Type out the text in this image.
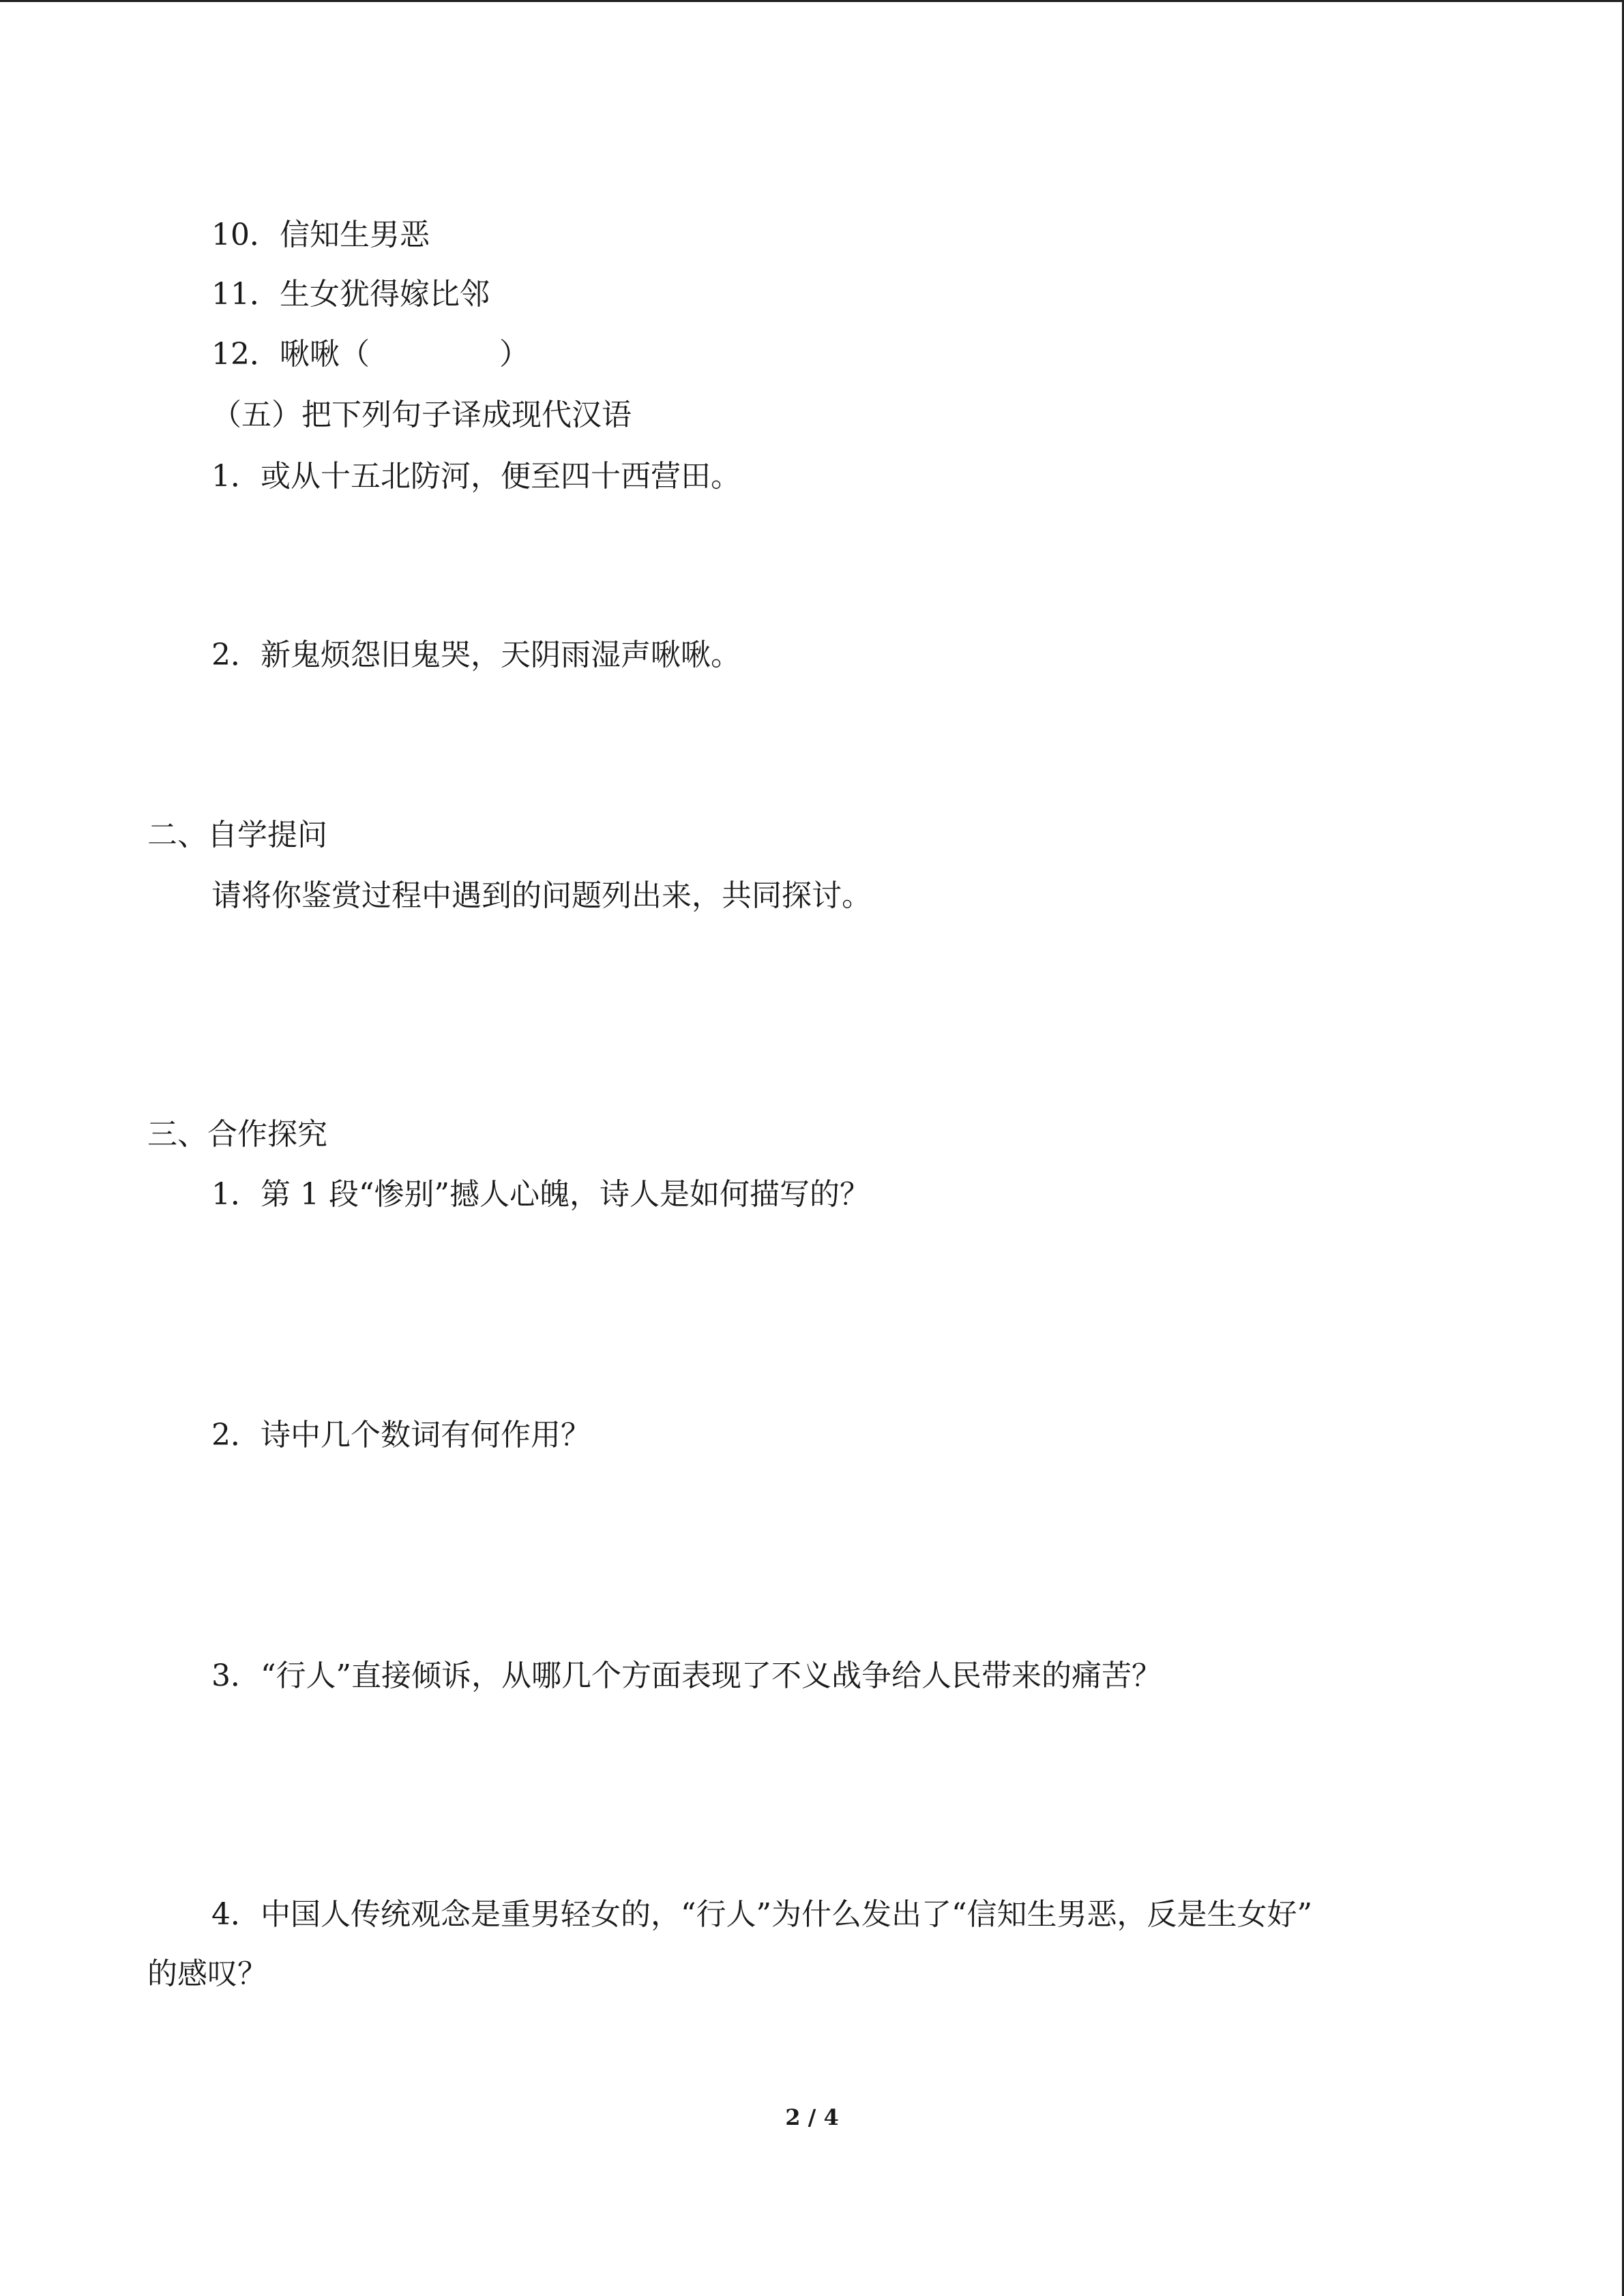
10．信知生男恶
11．生女犹得嫁比邻
12．啾啾（	）
（五）把下列句子译成现代汉语
1．或从十五北防河，便至四十西营田。
2．新鬼烦怨旧鬼哭，天阴雨湿声啾啾。
二、自学提问
请将你鉴赏过程中遇到的问题列出来，共同探讨。
三、合作探究
1．第 1 段“惨别”撼人心魄，诗人是如何描写的？
2．诗中几个数词有何作用？
3．“行人”直接倾诉，从哪几个方面表现了不义战争给人民带来的痛苦？
4．中国人传统观念是重男轻女的，“行人”为什么发出了“信知生男恶，反是生女好”
的感叹？
2 / 4
